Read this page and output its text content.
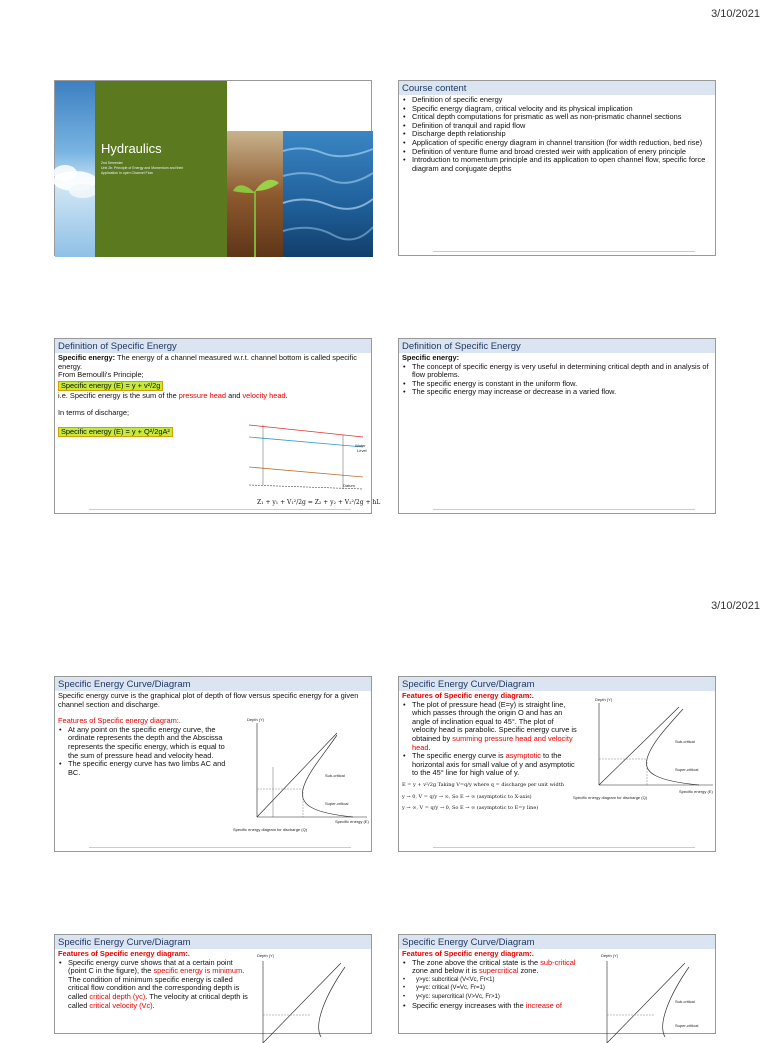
3/10/2021
3/10/2021
Hydraulics
2nd Semester
Unit 2b: Principle of Energy and Momentum and their
Application in open Channel Flow
Course content
• Definition of specific energy
• Specific energy diagram, critical velocity and its physical implication
• Critical depth computations for prismatic as well as non-prismatic channel sections
• Definition of tranquil and rapid flow
• Discharge depth relationship
• Application of specific energy diagram in channel transition (for width reduction, bed rise)
• Definition of venture flume and broad crested weir with application of enery principle
• Introduction to momentum principle and its application to open channel flow, specific force diagram and conjugate depths
Definition of Specific Energy
Specific energy: The energy of a channel measured w.r.t. channel bottom is called specific energy.
From Bernoulli's Principle;
Specific energy (E) = y + v²/2g
i.e. Specific energy is the sum of the pressure head and velocity head.
In terms of discharge;
Specific energy (E) = y + Q²/2gA²
Water
Level
Datum
Z₁ + y₁ + V₁²/2g = Z₂ + y₂ + V₂²/2g + hL
Definition of Specific Energy
Specific energy:
• The concept of specific energy is very useful in determining critical depth and in analysis of flow problems.
• The specific energy is constant in the uniform flow.
• The specific energy may increase or decrease in a varied flow.
Specific Energy Curve/Diagram
Specific energy curve is the graphical plot of depth of flow versus specific energy for a given channel section and discharge.
Features of Specific energy diagram:.
• At any point on the specific energy curve, the ordinate represents the depth and the Abscissa represents the specific energy, which is equal to the sum of pressure head and velocity head.
• The specific energy curve has two limbs AC and BC.
Depth (Y)
Specific energy (E)
Sub-critical
Super-critical
Specific energy diagram for discharge (Q)
Specific Energy Curve/Diagram
Features of Specific energy diagram:.
• The plot of pressure head (E=y) is straight line, which passes through the origin O and has an angle of inclination equal to 45°. The plot of velocity head is parabolic. Specific energy curve is obtained by summing pressure head and velocity head.
• The specific energy curve is asymptotic to the horizontal axis for small value of y and asymptotic to the 45° line for high value of y.
E = y + v²/2g Taking V=q/y where q = discharge per unit width
y → 0, V = q/y → ∞, So E → ∞ (asymptotic to X-axis)
y → ∞, V = q/y → 0, So E → ∞ (asymptotic to E=y line)
Depth (Y)
Sub-critical
Super-critical
Specific energy (E)
Specific energy diagram for discharge (Q)
Specific Energy Curve/Diagram
Features of Specific energy diagram:.
• Specific energy curve shows that at a certain point (point C in the figure), the specific energy is minimum. The condition of minimum specific energy is called critical flow condition and the corresponding depth is called critical depth (yc). The velocity at critical depth is called critical velocity (Vc).
Depth (Y)
Specific Energy Curve/Diagram
Features of Specific energy diagram:.
• The zone above the critical state is the sub-critical zone and below it is supercritical zone.
• y>yc: subcritical (V<Vc, Fr<1)
• y=yc: critical (V=Vc, Fr=1)
• y<yc: supercritical (V>Vc, Fr>1)
• Specific energy increases with the increase of
Depth (Y)
Sub-critical
Super-critical
